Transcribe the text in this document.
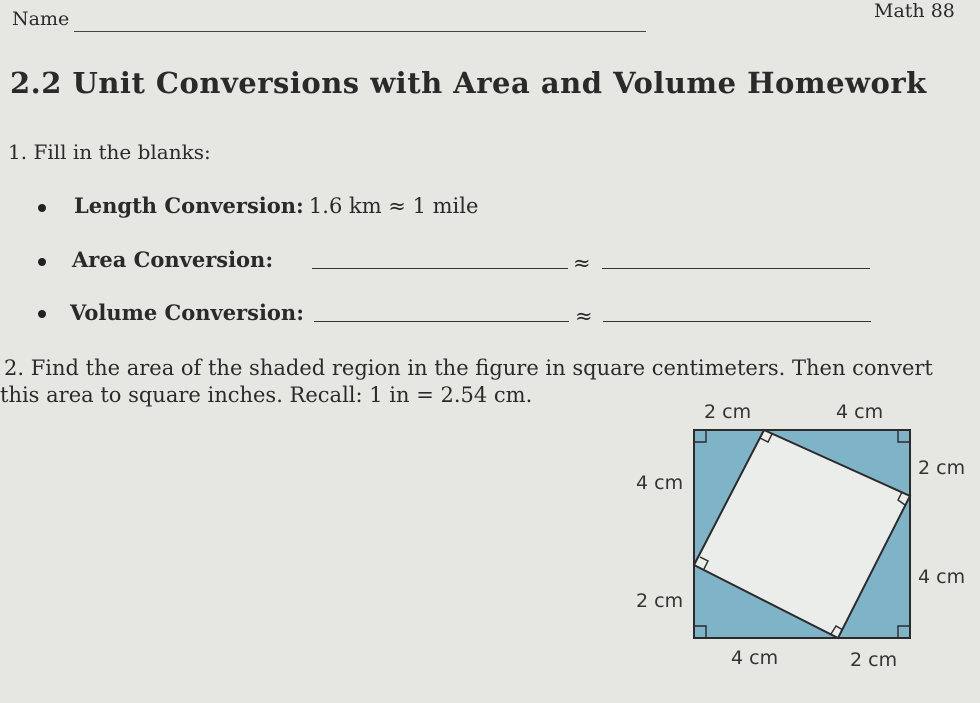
Name	Math 88
2.2 Unit Conversions with Area and Volume Homework
1. Fill in the blanks:
Length Conversion: 1.6 km ≈ 1 mile
Area Conversion:	≈
Volume Conversion:	≈
2. Find the area of the shaded region in the figure in square centimeters. Then convert
this area to square inches. Recall: 1 in = 2.54 cm.
2 cm	4 cm
2 cm
4 cm
4 cm
2 cm
4 cm	2 cm
